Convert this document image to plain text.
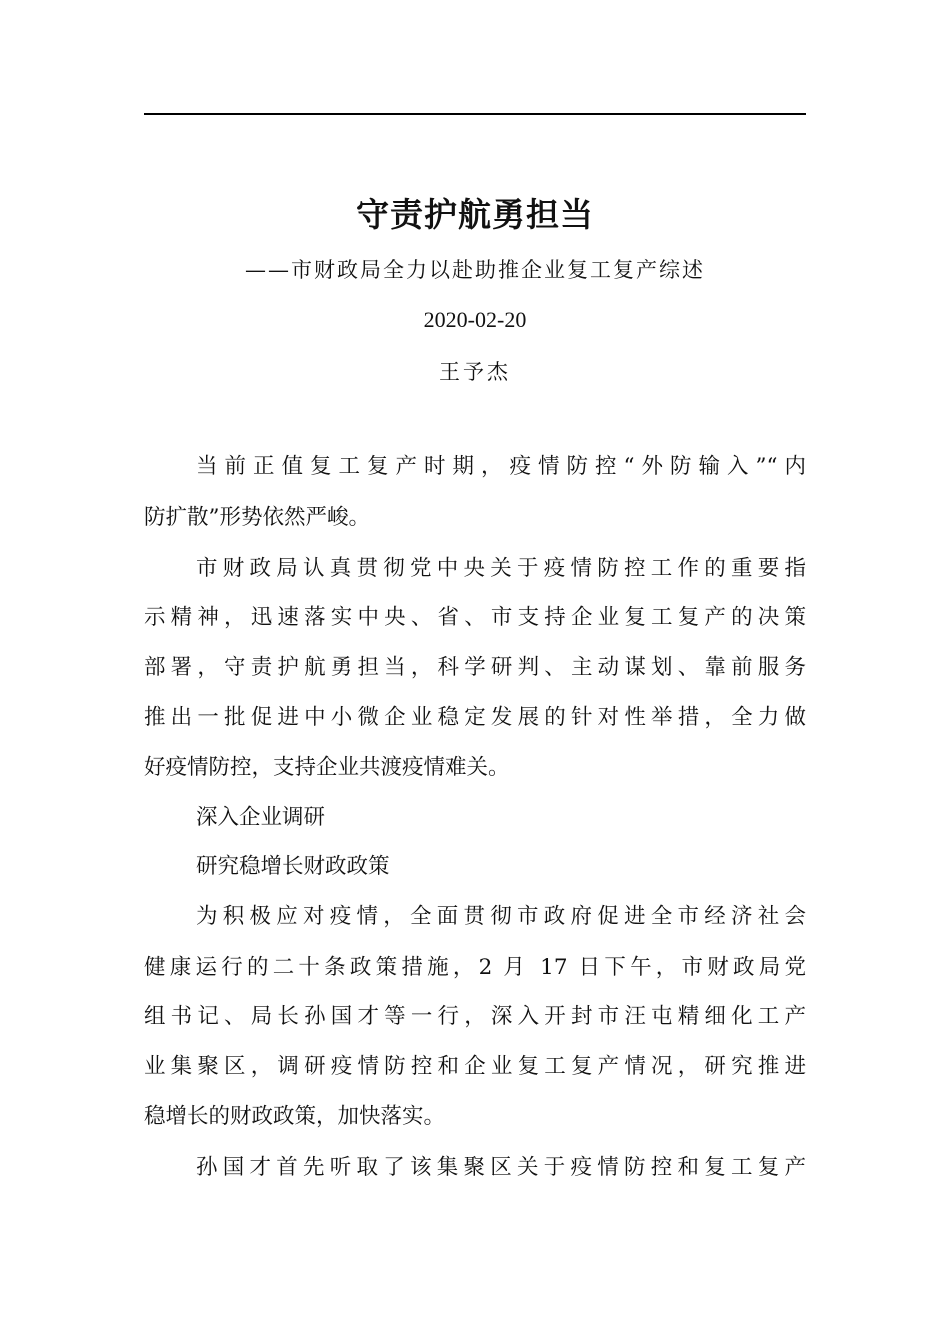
守责护航勇担当
——市财政局全力以赴助推企业复工复产综述
2020-02-20
王予杰
当前正值复工复产时期，疫情防控“外防输入”“内
防扩散”形势依然严峻。
市财政局认真贯彻党中央关于疫情防控工作的重要指
示精神，迅速落实中央、省、市支持企业复工复产的决策
部署，守责护航勇担当，科学研判、主动谋划、靠前服务
推出一批促进中小微企业稳定发展的针对性举措，全力做
好疫情防控，支持企业共渡疫情难关。
深入企业调研
研究稳增长财政政策
为积极应对疫情，全面贯彻市政府促进全市经济社会
健康运行的二十条政策措施，2 月 17 日下午，市财政局党
组书记、局长孙国才等一行，深入开封市汪屯精细化工产
业集聚区，调研疫情防控和企业复工复产情况，研究推进
稳增长的财政政策，加快落实。
孙国才首先听取了该集聚区关于疫情防控和复工复产
